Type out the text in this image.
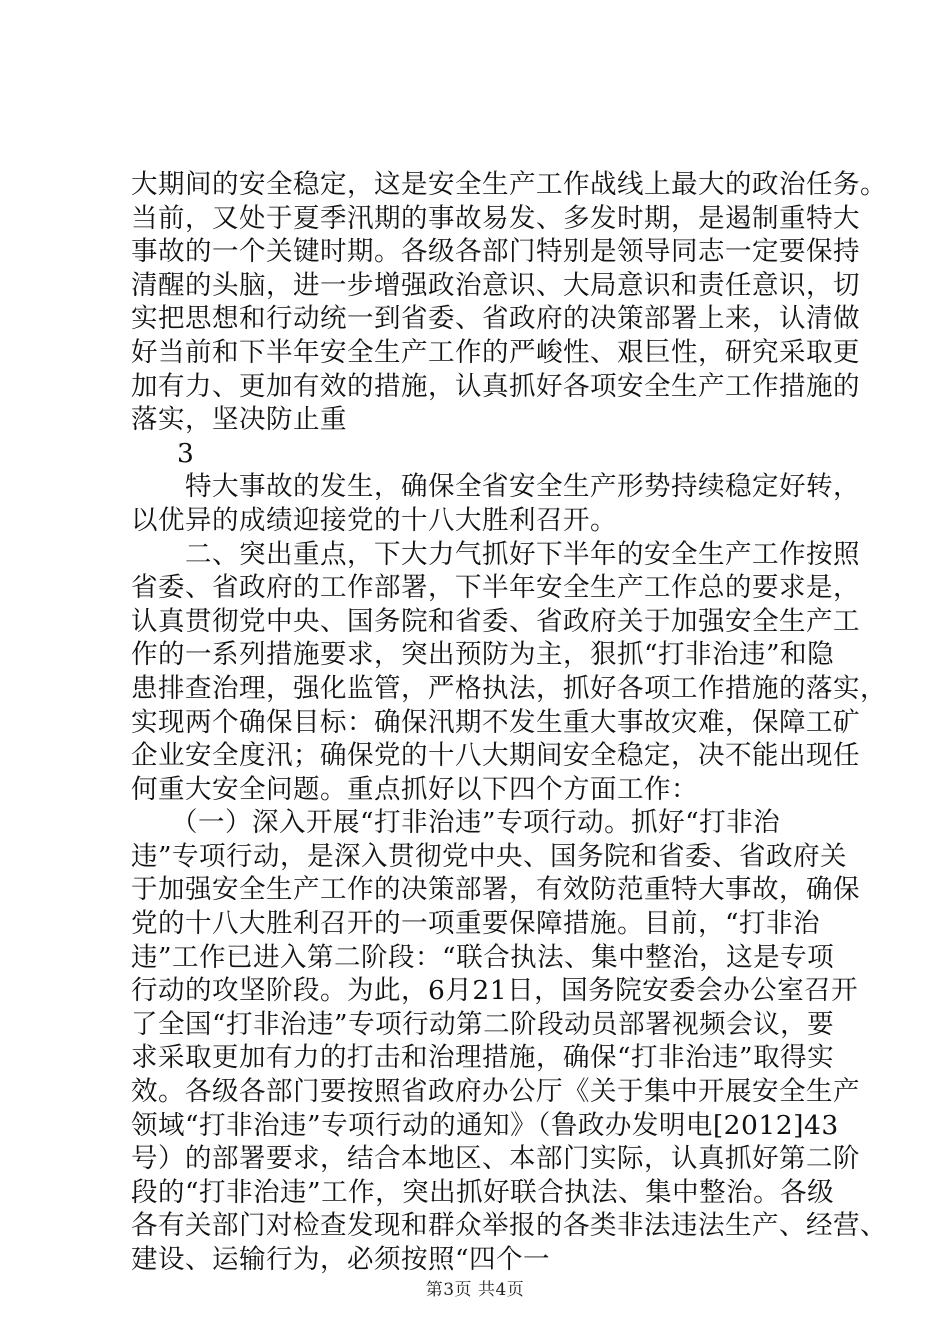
大期间的安全稳定，这是安全生产工作战线上最大的政治任务。
当前，又处于夏季汛期的事故易发、多发时期，是遏制重特大
事故的一个关键时期。各级各部门特别是领导同志一定要保持
清醒的头脑，进一步增强政治意识、大局意识和责任意识，切
实把思想和行动统一到省委、省政府的决策部署上来，认清做
好当前和下半年安全生产工作的严峻性、艰巨性，研究采取更
加有力、更加有效的措施，认真抓好各项安全生产工作措施的
落实，坚决防止重
3
特大事故的发生，确保全省安全生产形势持续稳定好转，
以优异的成绩迎接党的十八大胜利召开。
二、突出重点，下大力气抓好下半年的安全生产工作按照
省委、省政府的工作部署，下半年安全生产工作总的要求是，
认真贯彻党中央、国务院和省委、省政府关于加强安全生产工
作的一系列措施要求，突出预防为主，狠抓“打非治违”和隐
患排查治理，强化监管，严格执法，抓好各项工作措施的落实，
实现两个确保目标：确保汛期不发生重大事故灾难，保障工矿
企业安全度汛；确保党的十八大期间安全稳定，决不能出现任
何重大安全问题。重点抓好以下四个方面工作：
（一）深入开展“打非治违”专项行动。抓好“打非治
违”专项行动，是深入贯彻党中央、国务院和省委、省政府关
于加强安全生产工作的决策部署，有效防范重特大事故，确保
党的十八大胜利召开的一项重要保障措施。目前，“打非治
违”工作已进入第二阶段：“联合执法、集中整治，这是专项
行动的攻坚阶段。为此，6月21日，国务院安委会办公室召开
了全国“打非治违”专项行动第二阶段动员部署视频会议，要
求采取更加有力的打击和治理措施，确保“打非治违”取得实
效。各级各部门要按照省政府办公厅《关于集中开展安全生产
领域“打非治违”专项行动的通知》（鲁政办发明电[2012]43
号）的部署要求，结合本地区、本部门实际，认真抓好第二阶
段的“打非治违”工作，突出抓好联合执法、集中整治。各级
各有关部门对检查发现和群众举报的各类非法违法生产、经营、
建设、运输行为，必须按照“四个一
第3页 共4页
